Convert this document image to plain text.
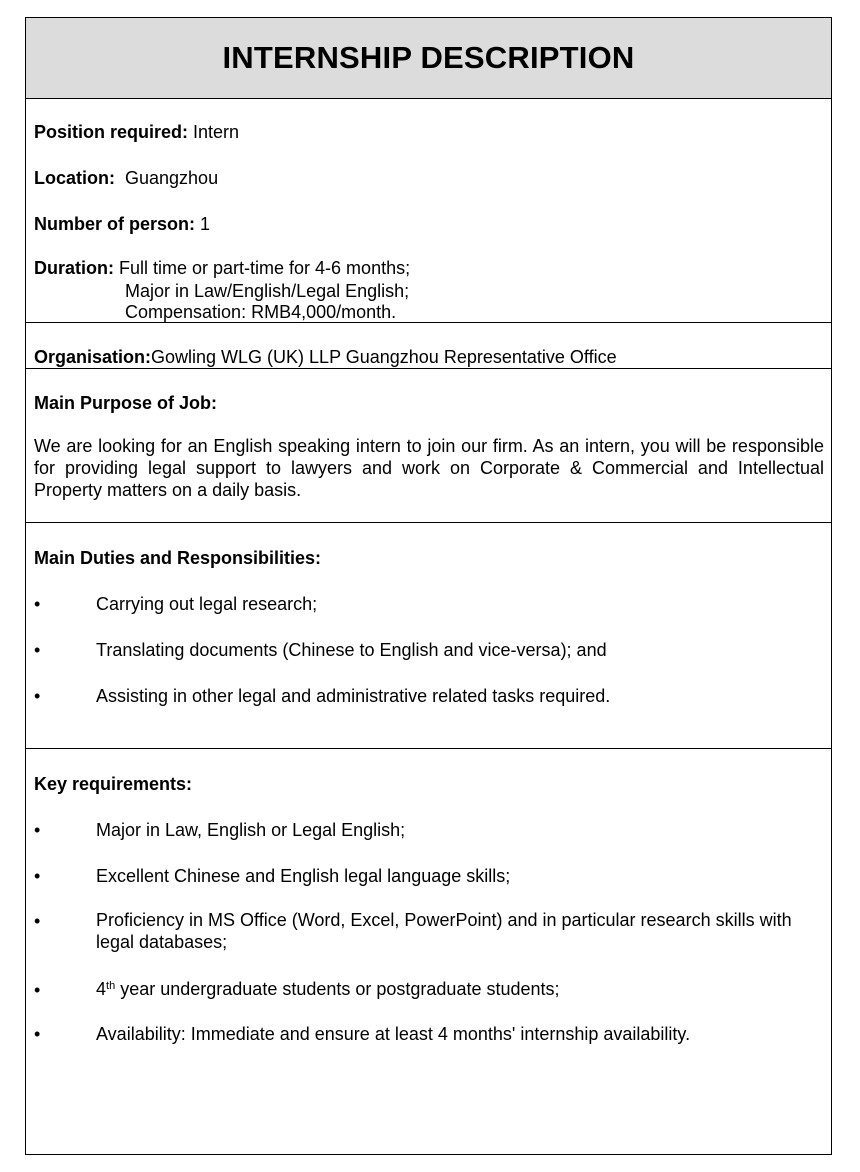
INTERNSHIP DESCRIPTION
Position required: Intern
Location:  Guangzhou
Number of person: 1
Duration: Full time or part-time for 4-6 months;
Major in Law/English/Legal English;
Compensation: RMB4,000/month.
Organisation:Gowling WLG (UK) LLP Guangzhou Representative Office
Main Purpose of Job:
We are looking for an English speaking intern to join our firm. As an intern, you will be responsible for providing legal support to lawyers and work on Corporate & Commercial and Intellectual Property matters on a daily basis.
Main Duties and Responsibilities:
•	Carrying out legal research;
•	Translating documents (Chinese to English and vice-versa); and
•	Assisting in other legal and administrative related tasks required.
Key requirements:
•	Major in Law, English or Legal English;
•	Excellent Chinese and English legal language skills;
•	Proficiency in MS Office (Word, Excel, PowerPoint) and in particular research skills with legal databases;
•	4th year undergraduate students or postgraduate students;
•	Availability: Immediate and ensure at least 4 months' internship availability.
